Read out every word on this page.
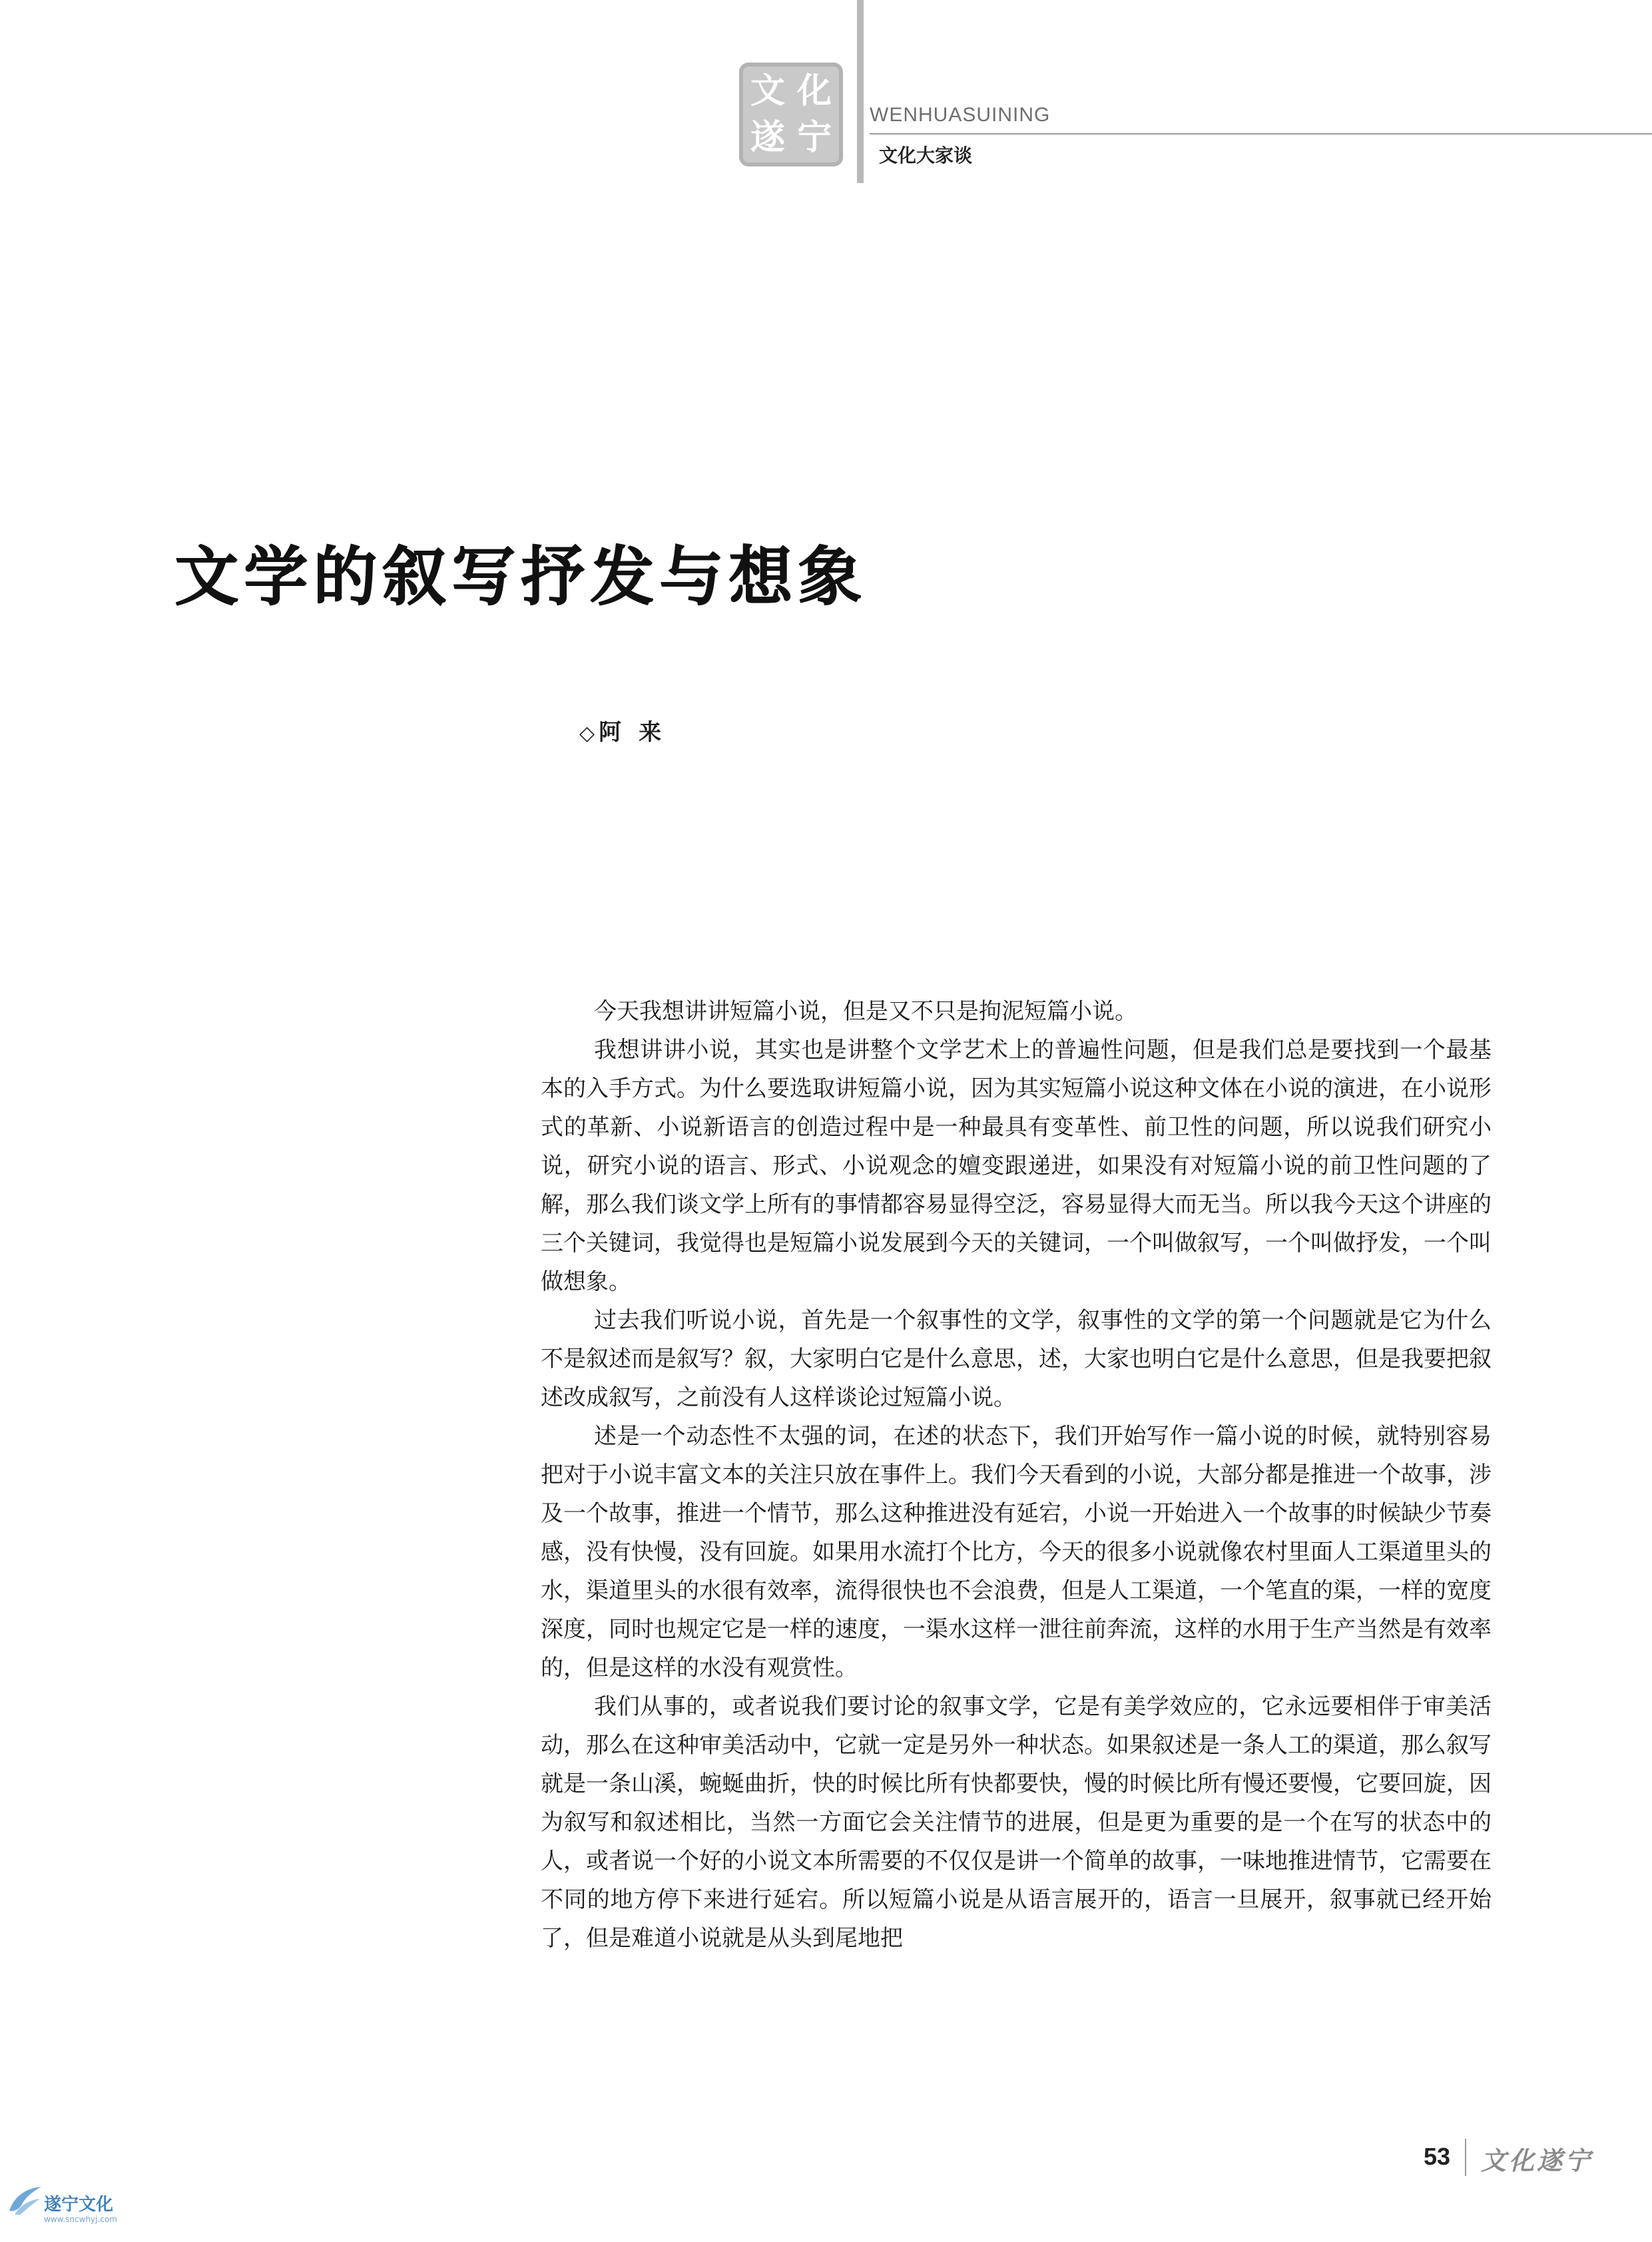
文 化
遂 宁
WENHUASUINING
文化大家谈
文学的叙写抒发与想象
◇ 阿来

今天我想讲讲短篇小说，但是又不只是拘泥短篇小说。

我想讲讲小说，其实也是讲整个文学艺术上的普遍性问题，但是我们总是要找到一个最基本的入手方式。为什么要选取讲短篇小说，因为其实短篇小说这种文体在小说的演进，在小说形式的革新、小说新语言的创造过程中是一种最具有变革性、前卫性的问题，所以说我们研究小说，研究小说的语言、形式、小说观念的嬗变跟递进，如果没有对短篇小说的前卫性问题的了解，那么我们谈文学上所有的事情都容易显得空泛，容易显得大而无当。所以我今天这个讲座的三个关键词，我觉得也是短篇小说发展到今天的关键词，一个叫做叙写，一个叫做抒发，一个叫做想象。

过去我们听说小说，首先是一个叙事性的文学，叙事性的文学的第一个问题就是它为什么不是叙述而是叙写？叙，大家明白它是什么意思，述，大家也明白它是什么意思，但是我要把叙述改成叙写，之前没有人这样谈论过短篇小说。

述是一个动态性不太强的词，在述的状态下，我们开始写作一篇小说的时候，就特别容易把对于小说丰富文本的关注只放在事件上。我们今天看到的小说，大部分都是推进一个故事，涉及一个故事，推进一个情节，那么这种推进没有延宕，小说一开始进入一个故事的时候缺少节奏感，没有快慢，没有回旋。如果用水流打个比方，今天的很多小说就像农村里面人工渠道里头的水，渠道里头的水很有效率，流得很快也不会浪费，但是人工渠道，一个笔直的渠，一样的宽度深度，同时也规定它是一样的速度，一渠水这样一泄往前奔流，这样的水用于生产当然是有效率的，但是这样的水没有观赏性。

我们从事的，或者说我们要讨论的叙事文学，它是有美学效应的，它永远要相伴于审美活动，那么在这种审美活动中，它就一定是另外一种状态。如果叙述是一条人工的渠道，那么叙写就是一条山溪，蜿蜒曲折，快的时候比所有快都要快，慢的时候比所有慢还要慢，它要回旋，因为叙写和叙述相比，当然一方面它会关注情节的进展，但是更为重要的是一个在写的状态中的人，或者说一个好的小说文本所需要的不仅仅是讲一个简单的故事，一味地推进情节，它需要在不同的地方停下来进行延宕。所以短篇小说是从语言展开的，语言一旦展开，叙事就已经开始了，但是难道小说就是从头到尾地把

53 文化遂宁
遂宁文化
www.sncwhyj.com
